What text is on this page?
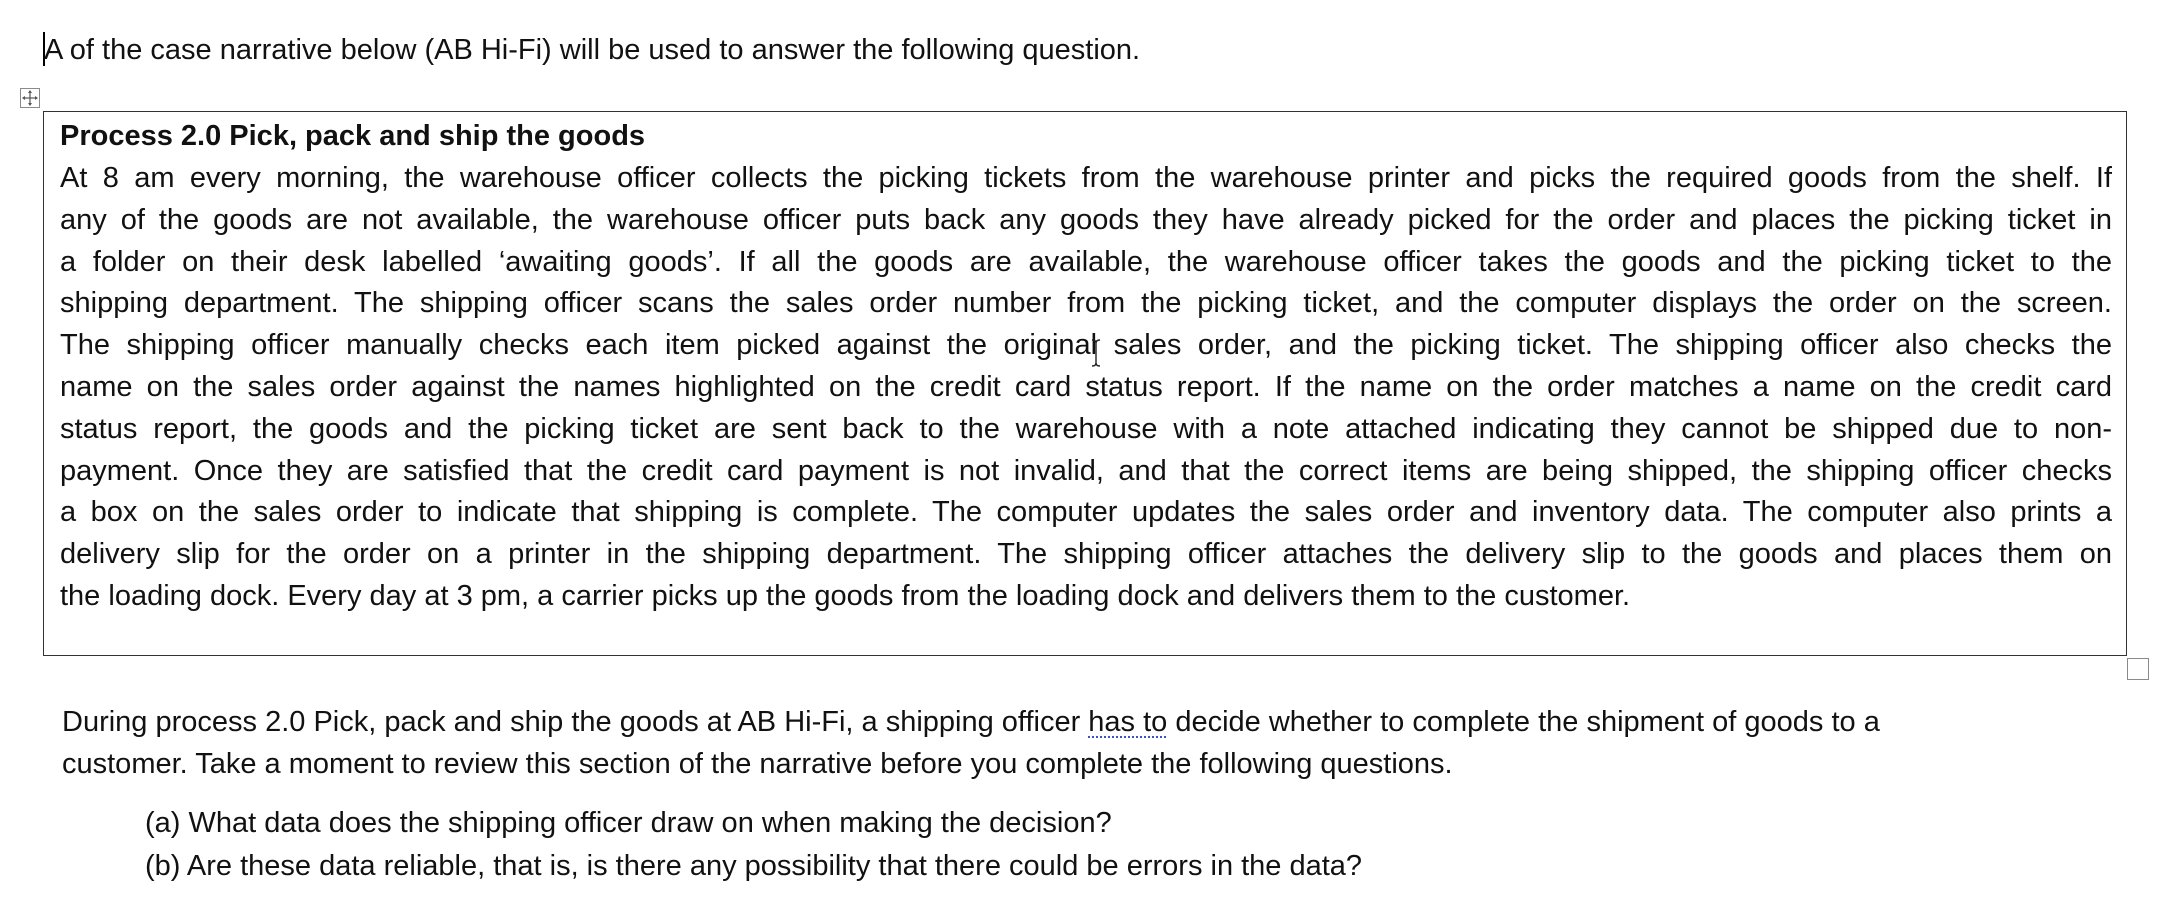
A of the case narrative below (AB Hi-Fi) will be used to answer the following question.
Process 2.0 Pick, pack and ship the goods
At 8 am every morning, the warehouse officer collects the picking tickets from the warehouse printer and picks the required goods from the shelf. If
any of the goods are not available, the warehouse officer puts back any goods they have already picked for the order and places the picking ticket in
a folder on their desk labelled ‘awaiting goods’. If all the goods are available, the warehouse officer takes the goods and the picking ticket to the
shipping department. The shipping officer scans the sales order number from the picking ticket, and the computer displays the order on the screen.
The shipping officer manually checks each item picked against the original sales order, and the picking ticket. The shipping officer also checks the
name on the sales order against the names highlighted on the credit card status report. If the name on the order matches a name on the credit card
status report, the goods and the picking ticket are sent back to the warehouse with a note attached indicating they cannot be shipped due to non-
payment. Once they are satisfied that the credit card payment is not invalid, and that the correct items are being shipped, the shipping officer checks
a box on the sales order to indicate that shipping is complete. The computer updates the sales order and inventory data. The computer also prints a
delivery slip for the order on a printer in the shipping department. The shipping officer attaches the delivery slip to the goods and places them on
the loading dock. Every day at 3 pm, a carrier picks up the goods from the loading dock and delivers them to the customer.
During process 2.0 Pick, pack and ship the goods at AB Hi-Fi, a shipping officer has to decide whether to complete the shipment of goods to a
customer. Take a moment to review this section of the narrative before you complete the following questions.
(a) What data does the shipping officer draw on when making the decision?
(b) Are these data reliable, that is, is there any possibility that there could be errors in the data?
